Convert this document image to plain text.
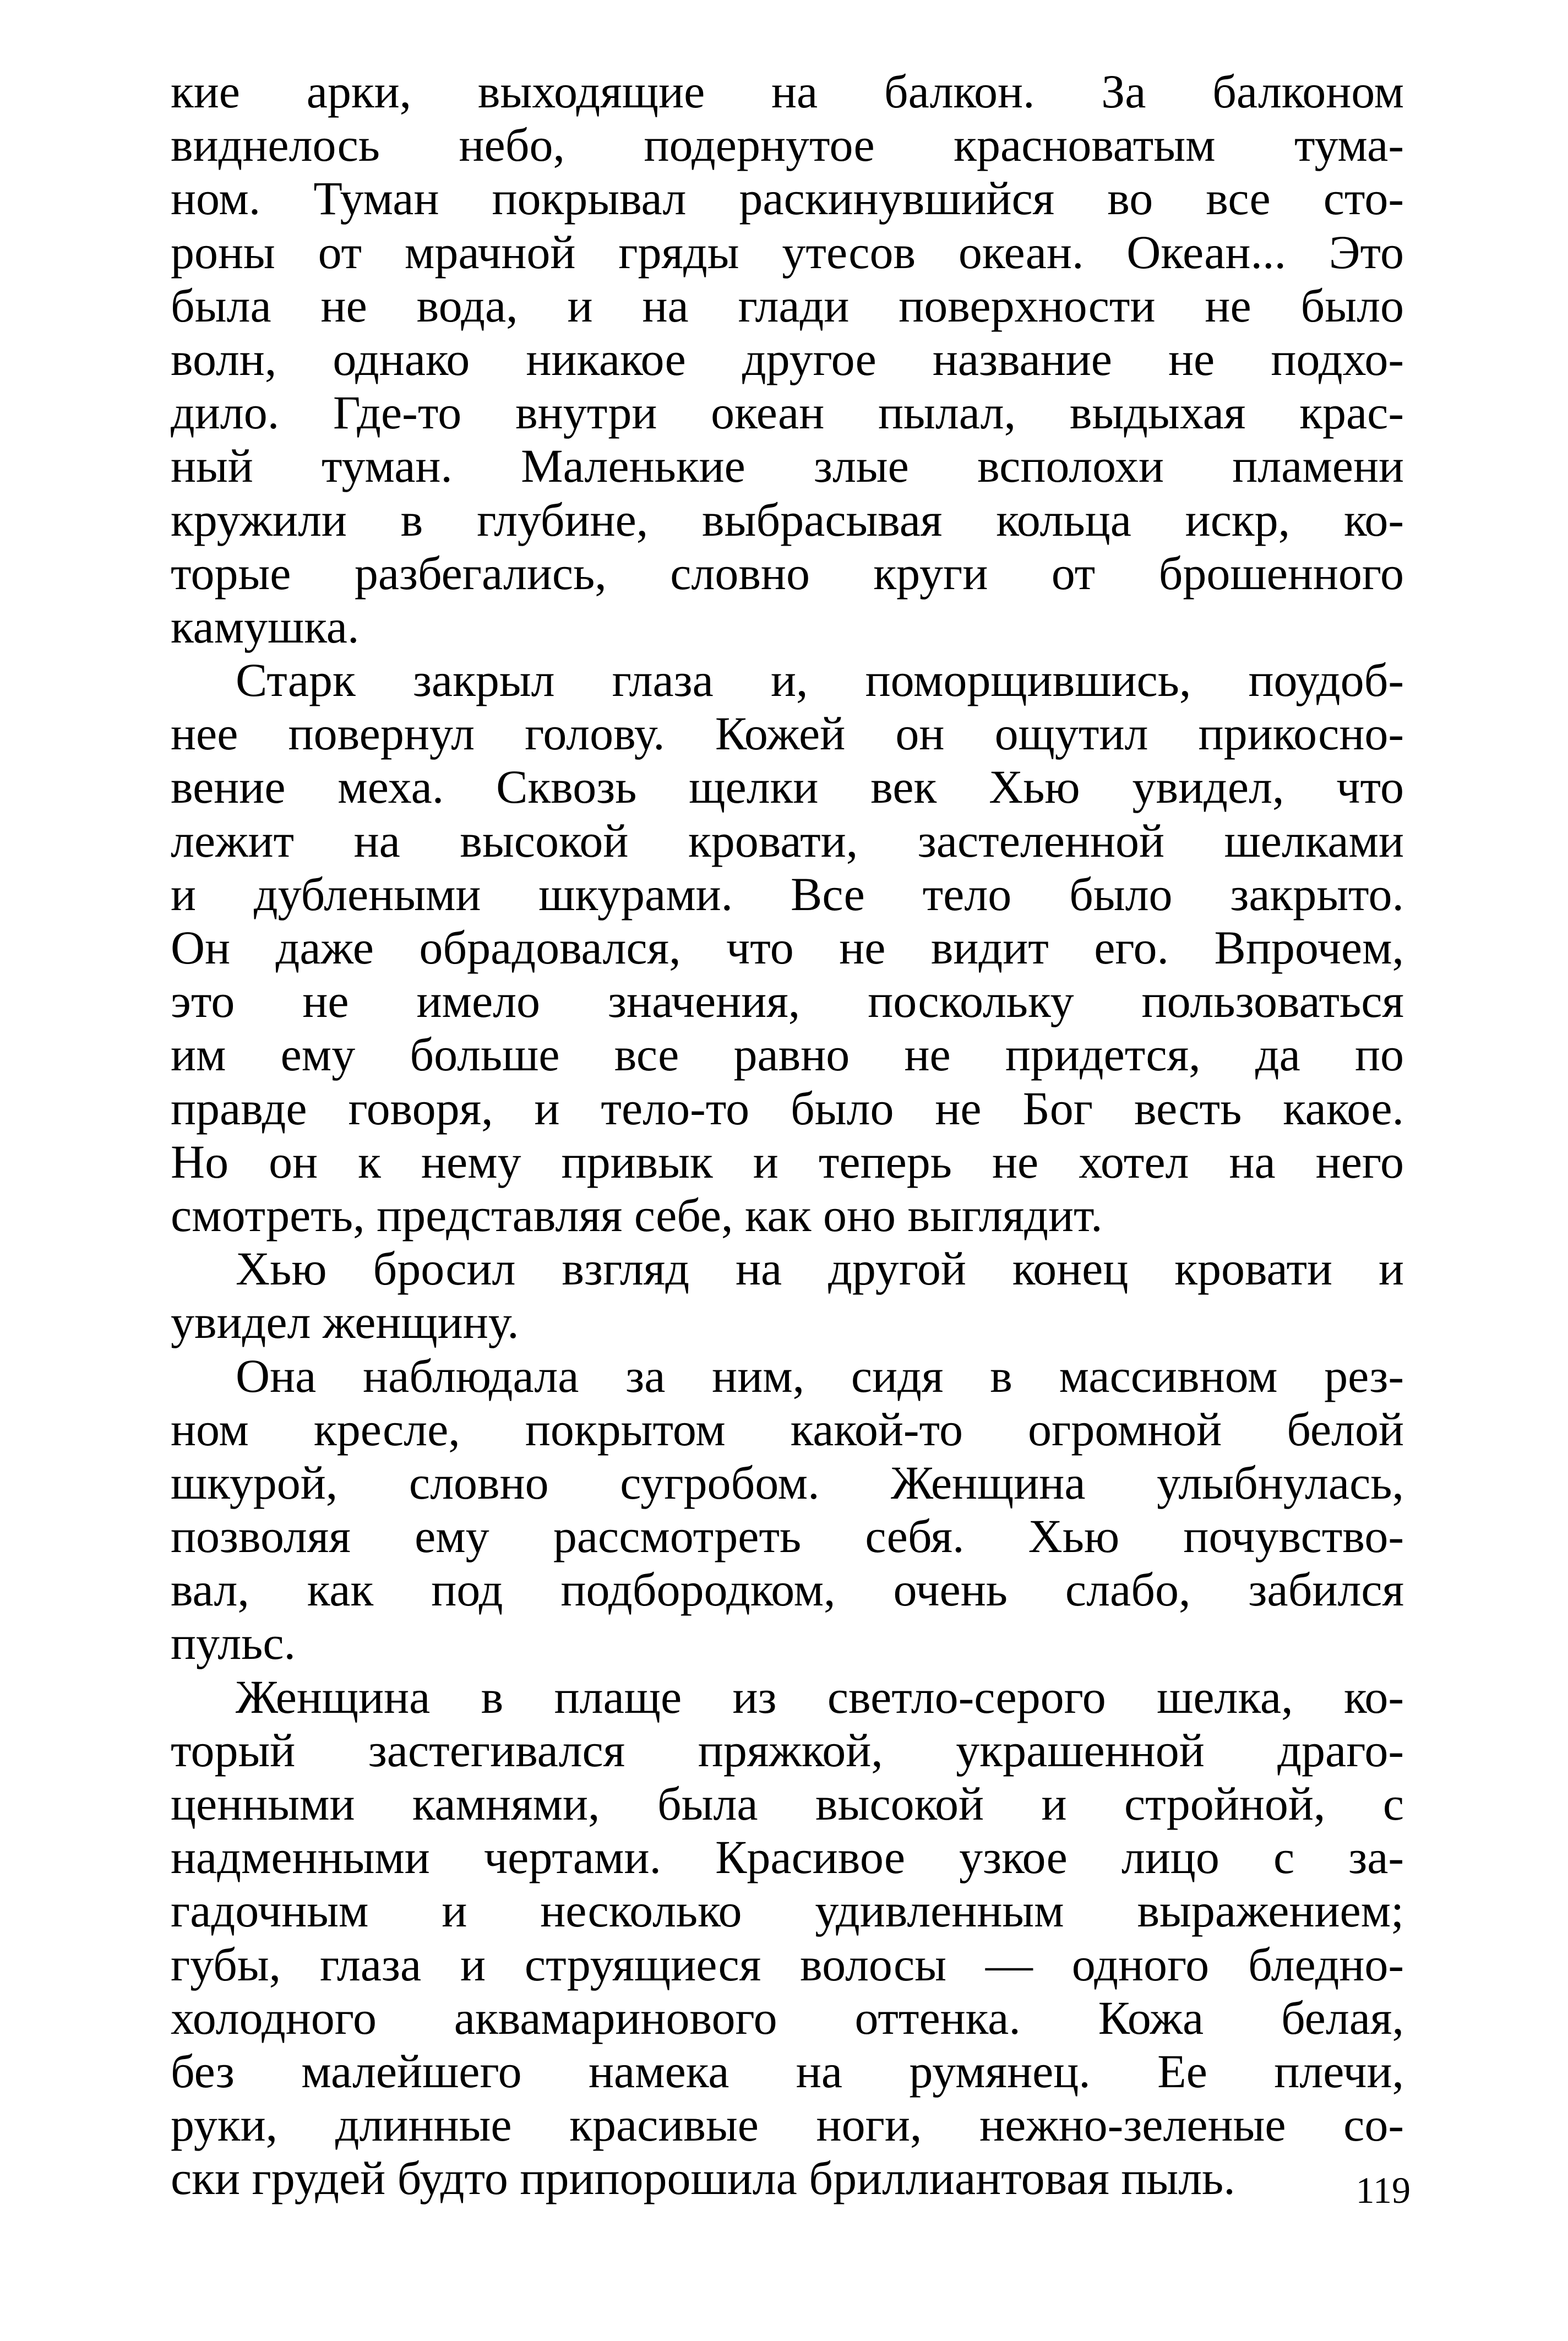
кие арки, выходящие на балкон. За балконом
виднелось небо, подернутое красноватым тума-
ном. Туман покрывал раскинувшийся во все сто-
роны от мрачной гряды утесов океан. Океан... Это
была не вода, и на глади поверхности не было
волн, однако никакое другое название не подхо-
дило. Где-то внутри океан пылал, выдыхая крас-
ный туман. Маленькие злые всполохи пламени
кружили в глубине, выбрасывая кольца искр, ко-
торые разбегались, словно круги от брошенного
камушка.
Старк закрыл глаза и, поморщившись, поудоб-
нее повернул голову. Кожей он ощутил прикосно-
вение меха. Сквозь щелки век Хью увидел, что
лежит на высокой кровати, застеленной шелками
и дублеными шкурами. Все тело было закрыто.
Он даже обрадовался, что не видит его. Впрочем,
это не имело значения, поскольку пользоваться
им ему больше все равно не придется, да по
правде говоря, и тело-то было не Бог весть какое.
Но он к нему привык и теперь не хотел на него
смотреть, представляя себе, как оно выглядит.
Хью бросил взгляд на другой конец кровати и
увидел женщину.
Она наблюдала за ним, сидя в массивном рез-
ном кресле, покрытом какой-то огромной белой
шкурой, словно сугробом. Женщина улыбнулась,
позволяя ему рассмотреть себя. Хью почувство-
вал, как под подбородком, очень слабо, забился
пульс.
Женщина в плаще из светло-серого шелка, ко-
торый застегивался пряжкой, украшенной драго-
ценными камнями, была высокой и стройной, с
надменными чертами. Красивое узкое лицо с за-
гадочным и несколько удивленным выражением;
губы, глаза и струящиеся волосы — одного бледно-
холодного аквамаринового оттенка. Кожа белая,
без малейшего намека на румянец. Ее плечи,
руки, длинные красивые ноги, нежно-зеленые со-
ски грудей будто припорошила бриллиантовая пыль.	119
